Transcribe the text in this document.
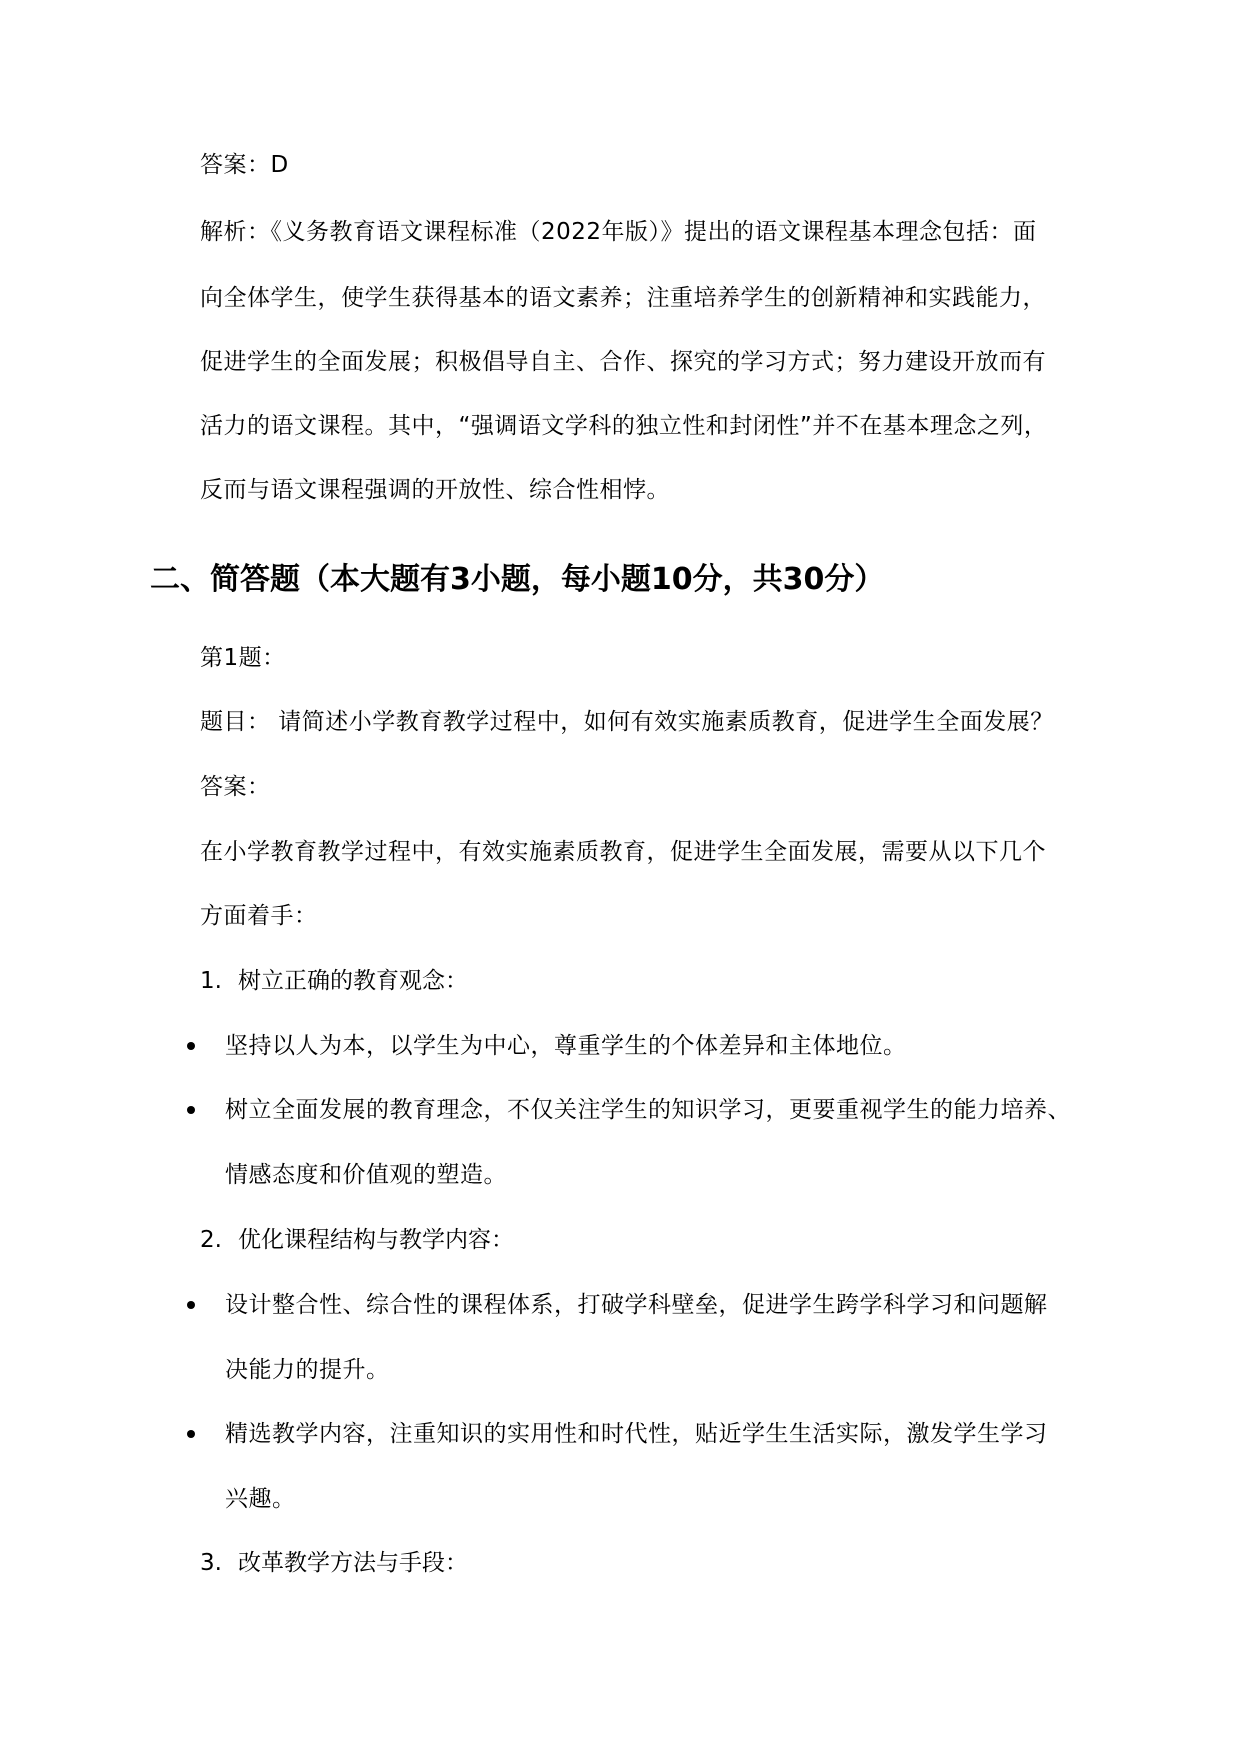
答案：D
解析：《义务教育语文课程标准（2022年版）》提出的语文课程基本理念包括：面
向全体学生，使学生获得基本的语文素养；注重培养学生的创新精神和实践能力，
促进学生的全面发展；积极倡导自主、合作、探究的学习方式；努力建设开放而有
活力的语文课程。其中，“强调语文学科的独立性和封闭性”并不在基本理念之列，
反而与语文课程强调的开放性、综合性相悖。
二、简答题（本大题有3小题，每小题10分，共30分）
第1题：
题目： 请简述小学教育教学过程中，如何有效实施素质教育，促进学生全面发展？
答案：
在小学教育教学过程中，有效实施素质教育，促进学生全面发展，需要从以下几个
方面着手：
1. 树立正确的教育观念：
坚持以人为本，以学生为中心，尊重学生的个体差异和主体地位。
树立全面发展的教育理念，不仅关注学生的知识学习，更要重视学生的能力培养、
情感态度和价值观的塑造。
2. 优化课程结构与教学内容：
设计整合性、综合性的课程体系，打破学科壁垒，促进学生跨学科学习和问题解
决能力的提升。
精选教学内容，注重知识的实用性和时代性，贴近学生生活实际，激发学生学习
兴趣。
3. 改革教学方法与手段：
